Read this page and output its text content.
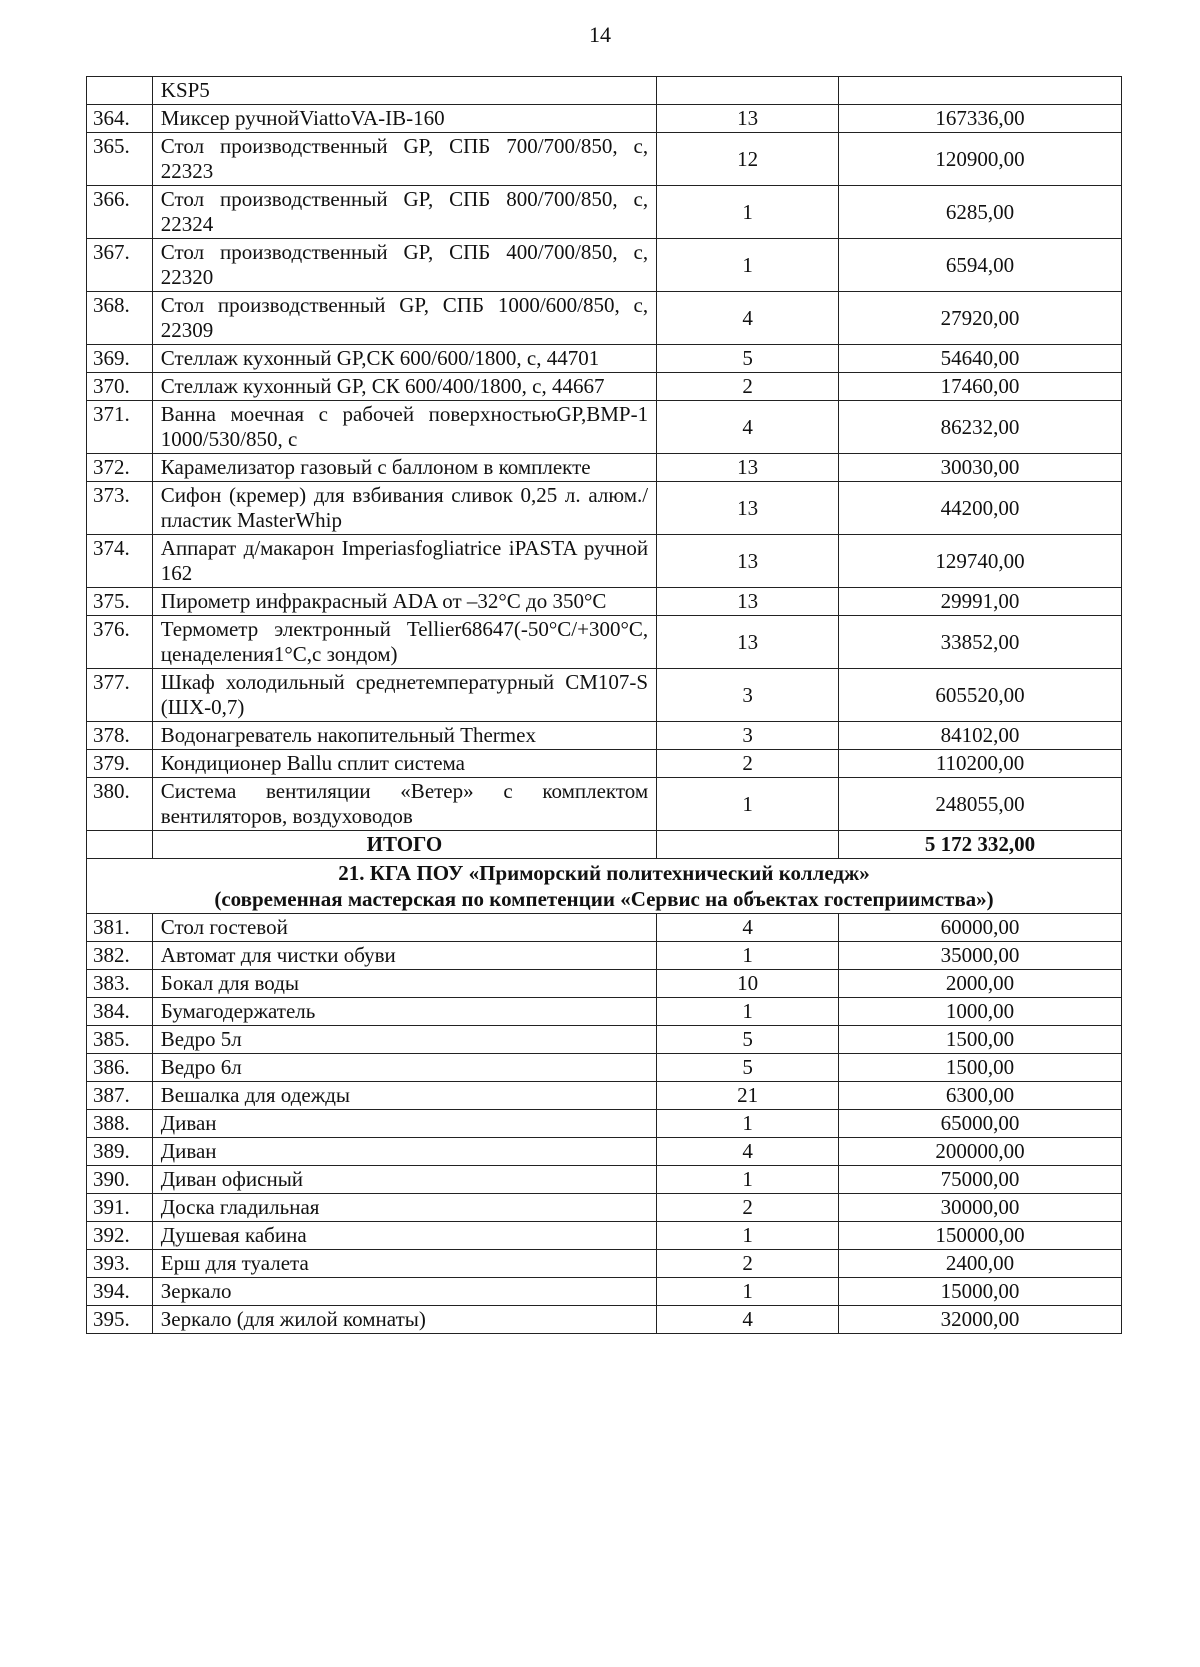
14
	KSP5		
364.	Миксер ручнойViattoVA-IB-160	13	167336,00
365.	Стол производственный GP, СПБ 700/700/850, с, 22323	12	120900,00
366.	Стол производственный GP, СПБ 800/700/850, с, 22324	1	6285,00
367.	Стол производственный GP, СПБ 400/700/850, с, 22320	1	6594,00
368.	Стол производственный GP, СПБ 1000/600/850, с, 22309	4	27920,00
369.	Стеллаж кухонный GP,СК 600/600/1800, с, 44701	5	54640,00
370.	Стеллаж кухонный GP, СК 600/400/1800, с, 44667	2	17460,00
371.	Ванна моечная с рабочей поверхностьюGP,ВМР-1 1000/530/850, с	4	86232,00
372.	Карамелизатор газовый с баллоном в комплекте	13	30030,00
373.	Сифон (кремер) для взбивания сливок 0,25 л. алюм./пластик MasterWhip	13	44200,00
374.	Аппарат д/макарон Imperiasfogliatrice iPASTA ручной 162	13	129740,00
375.	Пирометр инфракрасный ADA от –32°C до 350°C	13	29991,00
376.	Термометр электронный Tellier68647(-50°C/+300°C, ценаделения1°C,с зондом)	13	33852,00
377.	Шкаф холодильный среднетемпературный CM107-S (ШХ-0,7)	3	605520,00
378.	Водонагреватель накопительный Thermex	3	84102,00
379.	Кондиционер Ballu сплит система	2	110200,00
380.	Система вентиляции «Ветер» с комплектом вентиляторов, воздуховодов	1	248055,00
	ИТОГО		5 172 332,00

21. КГА ПОУ «Приморский политехнический колледж»
(современная мастерская по компетенции «Сервис на объектах гостеприимства»)			

381.	Стол гостевой	4	60000,00
382.	Автомат для чистки обуви	1	35000,00
383.	Бокал для воды	10	2000,00
384.	Бумагодержатель	1	1000,00
385.	Ведро 5л	5	1500,00
386.	Ведро 6л	5	1500,00
387.	Вешалка для одежды	21	6300,00
388.	Диван	1	65000,00
389.	Диван	4	200000,00
390.	Диван офисный	1	75000,00
391.	Доска гладильная	2	30000,00
392.	Душевая кабина	1	150000,00
393.	Ерш для туалета	2	2400,00
394.	Зеркало	1	15000,00
395.	Зеркало (для жилой комнаты)	4	32000,00
